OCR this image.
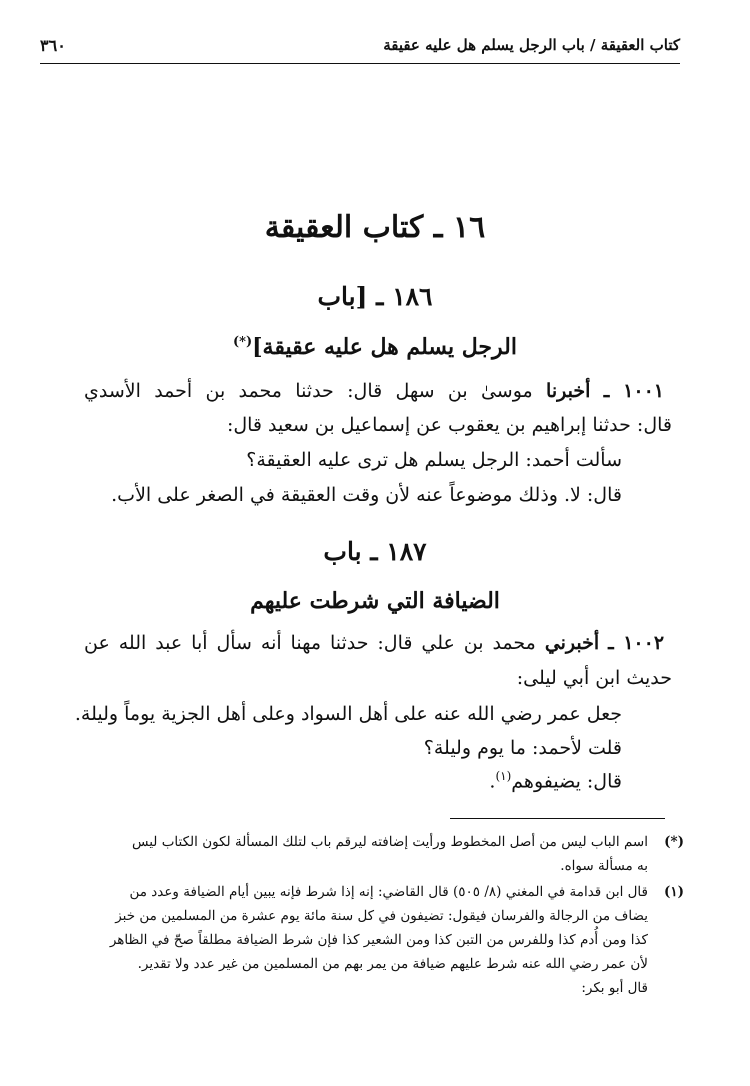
كتاب العقيقة / باب الرجل يسلم هل عليه عقيقة
٣٦٠
١٦ ـ كتاب العقيقة
١٨٦ ـ [باب
الرجل يسلم هل عليه عقيقة](*)
١٠٠١ ـ أخبرنا موسىٰ بن سهل قال: حدثنا محمد بن أحمد الأسدي
قال: حدثنا إبراهيم بن يعقوب عن إسماعيل بن سعيد قال:
سألت أحمد: الرجل يسلم هل ترى عليه العقيقة؟
قال: لا. وذلك موضوعاً عنه لأن وقت العقيقة في الصغر على الأب.
١٨٧ ـ باب
الضيافة التي شرطت عليهم
١٠٠٢ ـ أخبرني محمد بن علي قال: حدثنا مهنا أنه سأل أبا عبد الله عن
حديث ابن أبي ليلى:
جعل عمر رضي الله عنه على أهل السواد وعلى أهل الجزية يوماً وليلة.
قلت لأحمد: ما يوم وليلة؟
قال: يضيفوهم$^{(١)}$.
(*)
اسم الباب ليس من أصل المخطوط ورأيت إضافته ليرقم باب لتلك المسألة لكون الكتاب ليس
به مسألة سواه.
(١)
قال ابن قدامة في المغني (٨/ ٥٠٥) قال القاضي: إنه إذا شرط فإنه يبين أيام الضيافة وعدد من
يضاف من الرجالة والفرسان فيقول: تضيفون في كل سنة مائة يوم عشرة من المسلمين من خبز
كذا ومن أُدم كذا وللفرس من التبن كذا ومن الشعير كذا فإن شرط الضيافة مطلقاً صحّ في الظاهر
لأن عمر رضي الله عنه شرط عليهم ضيافة من يمر بهم من المسلمين من غير عدد ولا تقدير.
قال أبو بكر:
